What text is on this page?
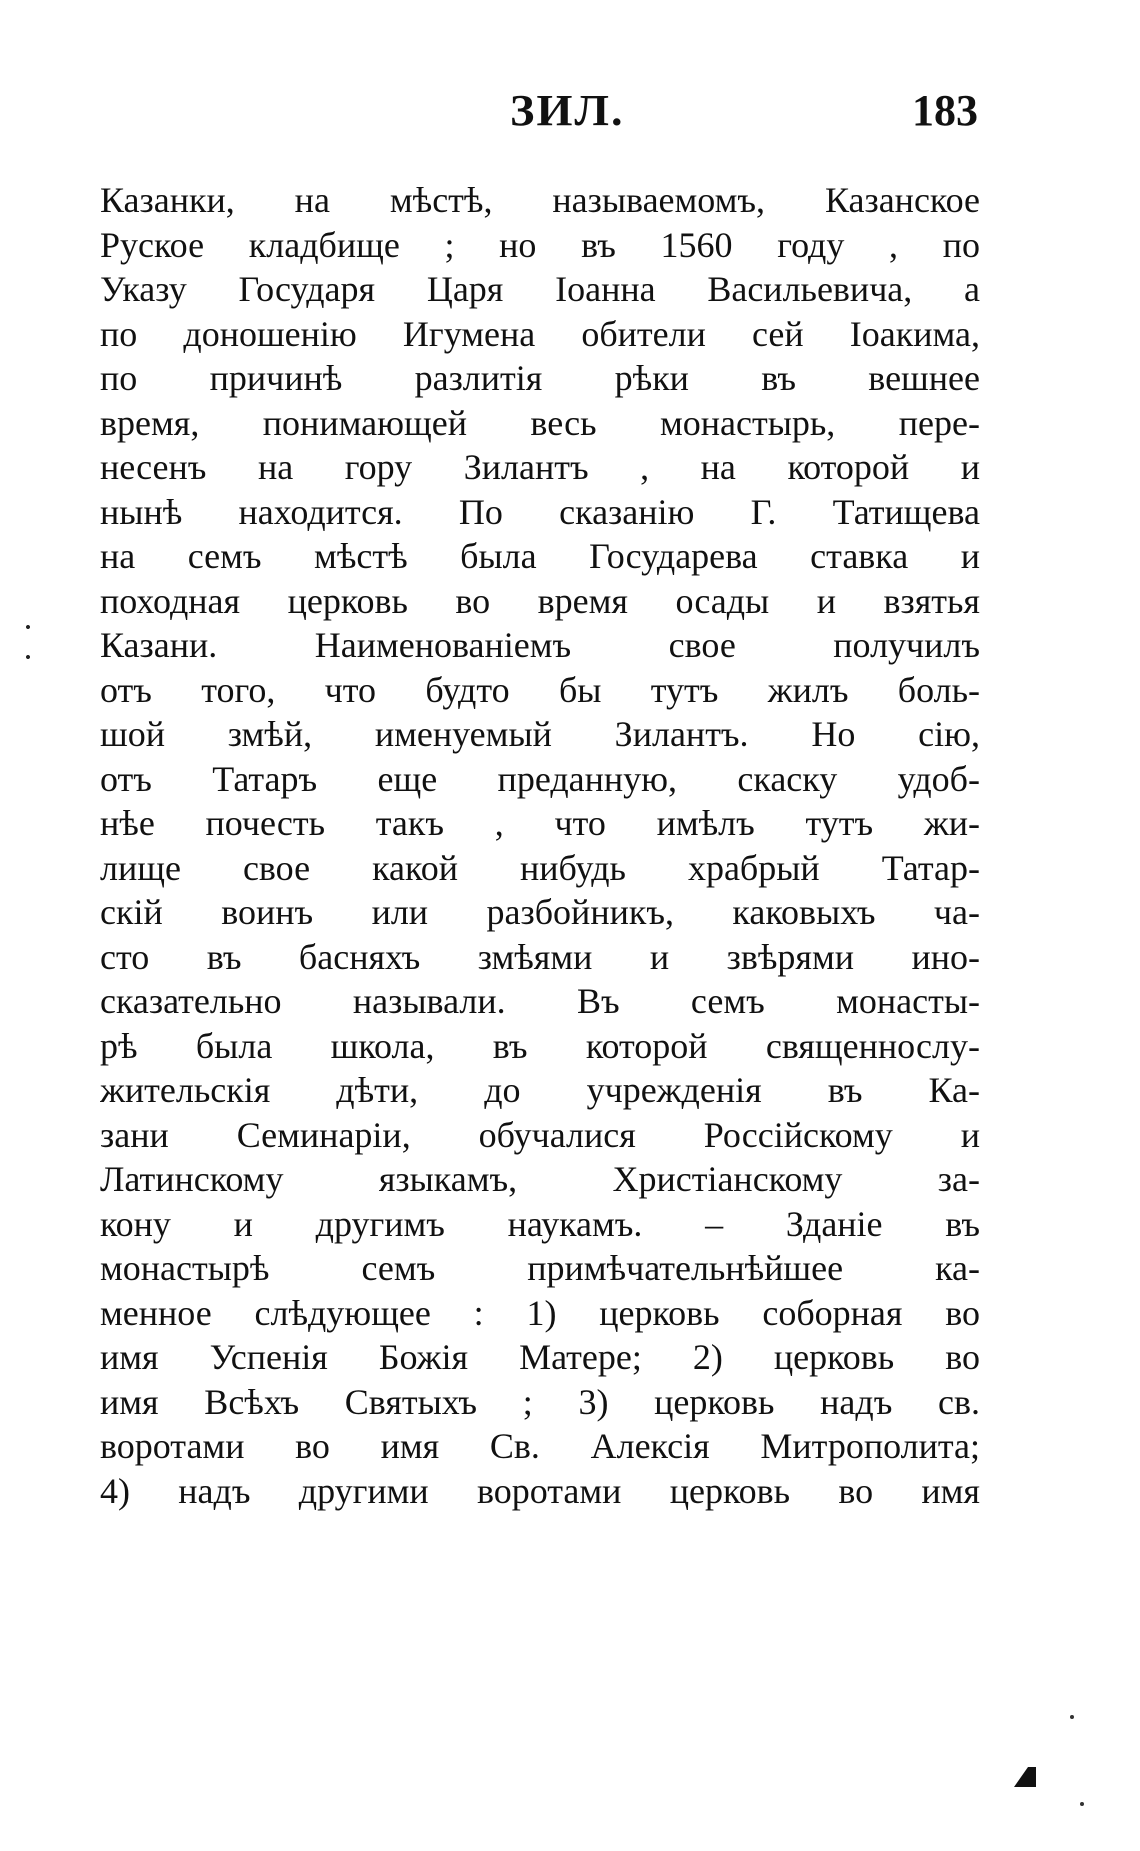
ЗИЛ.	183
Казанки, на мѣстѣ, называемомъ, Казанское
Руское кладбище ; но въ 1560 году , по
Указу Государя Царя Іоанна Васильевича, а
по доношенію Игумена обители сей Іоакима,
по причинѣ разлитія рѣки въ вешнее
время, понимающей весь монастырь, пере-
несенъ на гору Зилантъ , на которой и
нынѣ находится. По сказанію Г. Татищева
на семъ мѣстѣ была Государева ставка и
походная церковь во время осады и взятья
Казани. Наименованіемъ свое получилъ
отъ того, что будто бы тутъ жилъ боль-
шой змѣй, именуемый Зилантъ. Но сію,
отъ Татаръ еще преданную, скаску удоб-
нѣе почесть такъ , что имѣлъ тутъ жи-
лище свое какой нибудь храбрый Татар-
скій воинъ или разбойникъ, каковыхъ ча-
сто въ басняхъ змѣями и звѣрями ино-
сказательно называли. Въ семъ монасты-
рѣ была школа, въ которой священнослу-
жительскія дѣти, до учрежденія въ Ка-
зани Семинаріи, обучалися Россійскому и
Латинскому языкамъ, Христіанскому за-
кону и другимъ наукамъ. – Зданіе въ
монастырѣ семъ примѣчательнѣйшее ка-
менное слѣдующее : 1) церковь соборная во
имя Успенія Божія Матере; 2) церковь во
имя Всѣхъ Святыхъ ; 3) церковь надъ св.
воротами во имя Св. Алексія Митрополита;
4) надъ другими воротами церковь во имя
